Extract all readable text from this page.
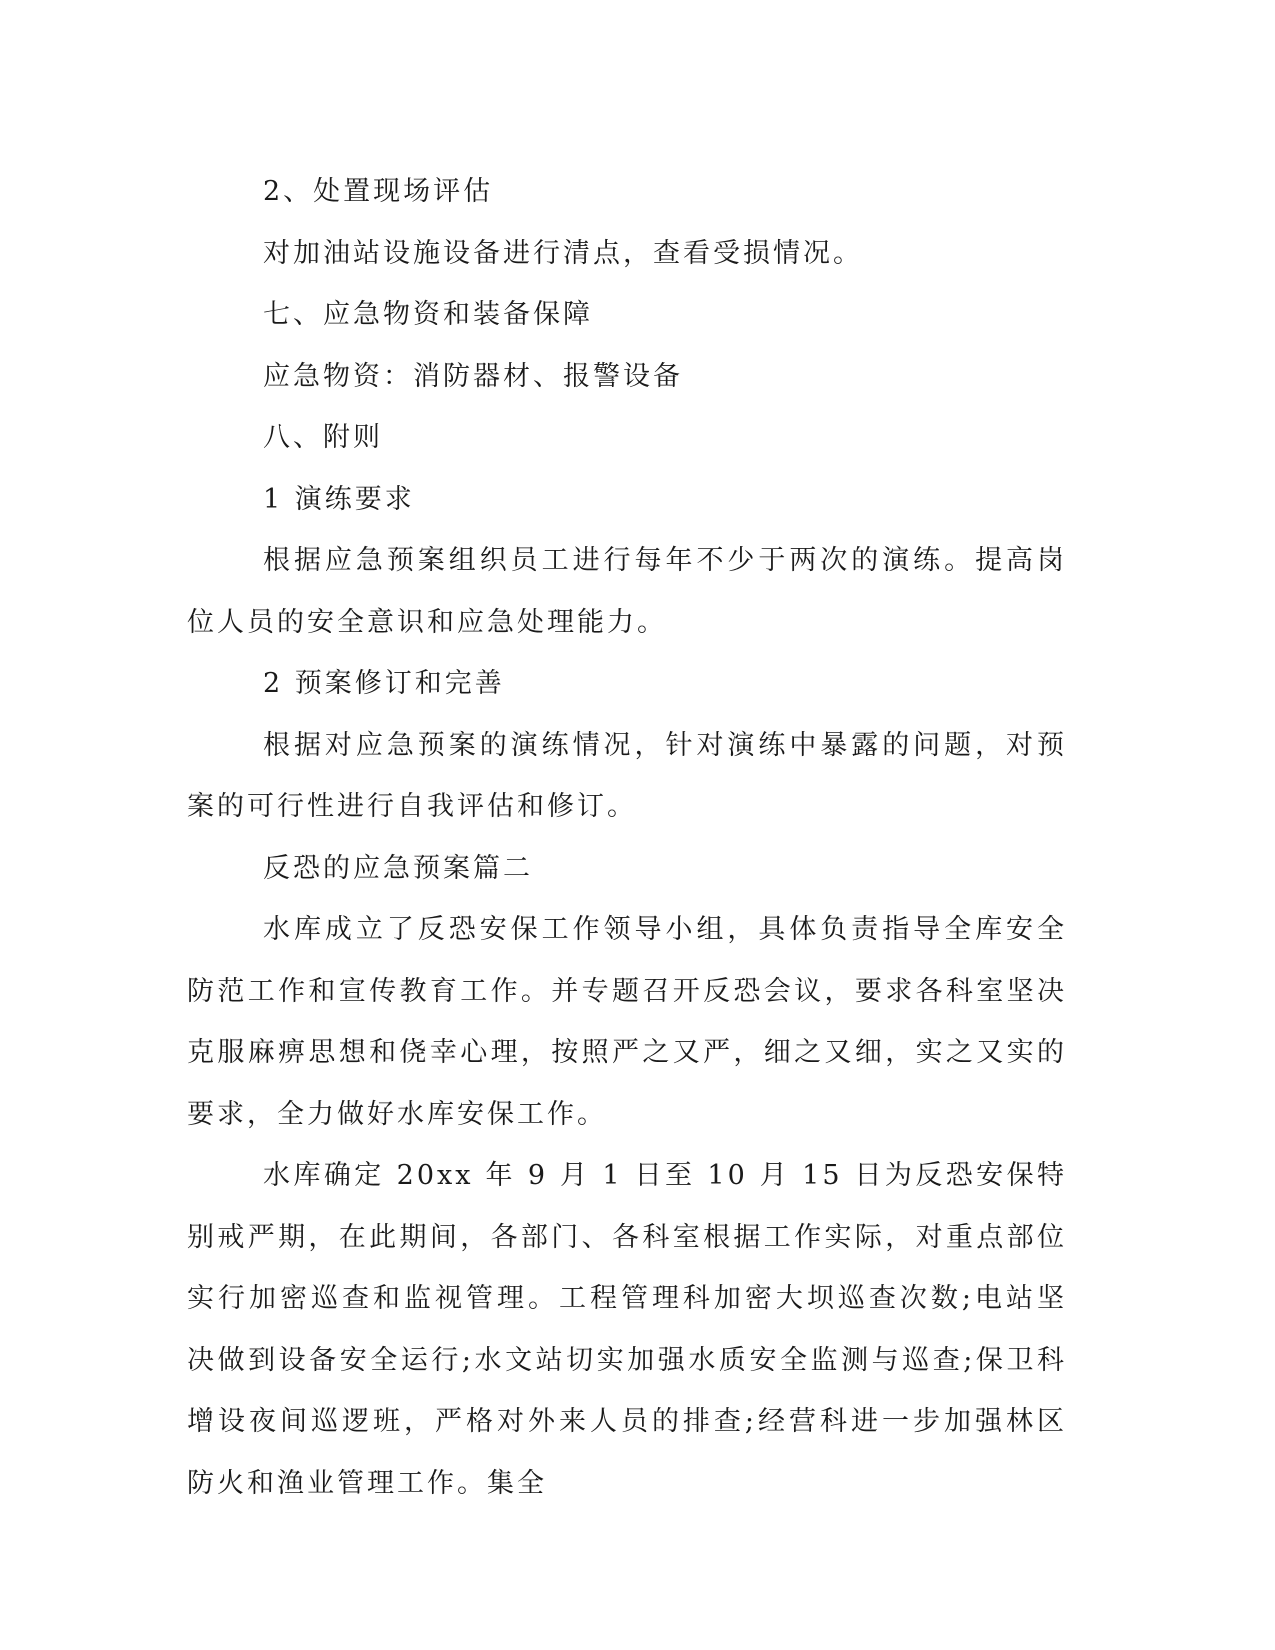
2、处置现场评估

对加油站设施设备进行清点，查看受损情况。

七、应急物资和装备保障

应急物资：消防器材、报警设备

八、附则

1 演练要求

根据应急预案组织员工进行每年不少于两次的演练。提高岗位人员的安全意识和应急处理能力。

2 预案修订和完善

根据对应急预案的演练情况，针对演练中暴露的问题，对预案的可行性进行自我评估和修订。

反恐的应急预案篇二

水库成立了反恐安保工作领导小组，具体负责指导全库安全防范工作和宣传教育工作。并专题召开反恐会议，要求各科室坚决克服麻痹思想和侥幸心理，按照严之又严，细之又细，实之又实的要求，全力做好水库安保工作。

水库确定 20xx 年 9 月 1 日至 10 月 15 日为反恐安保特别戒严期，在此期间，各部门、各科室根据工作实际，对重点部位实行加密巡查和监视管理。工程管理科加密大坝巡查次数;电站坚决做到设备安全运行;水文站切实加强水质安全监测与巡查;保卫科增设夜间巡逻班，严格对外来人员的排查;经营科进一步加强林区防火和渔业管理工作。集全
